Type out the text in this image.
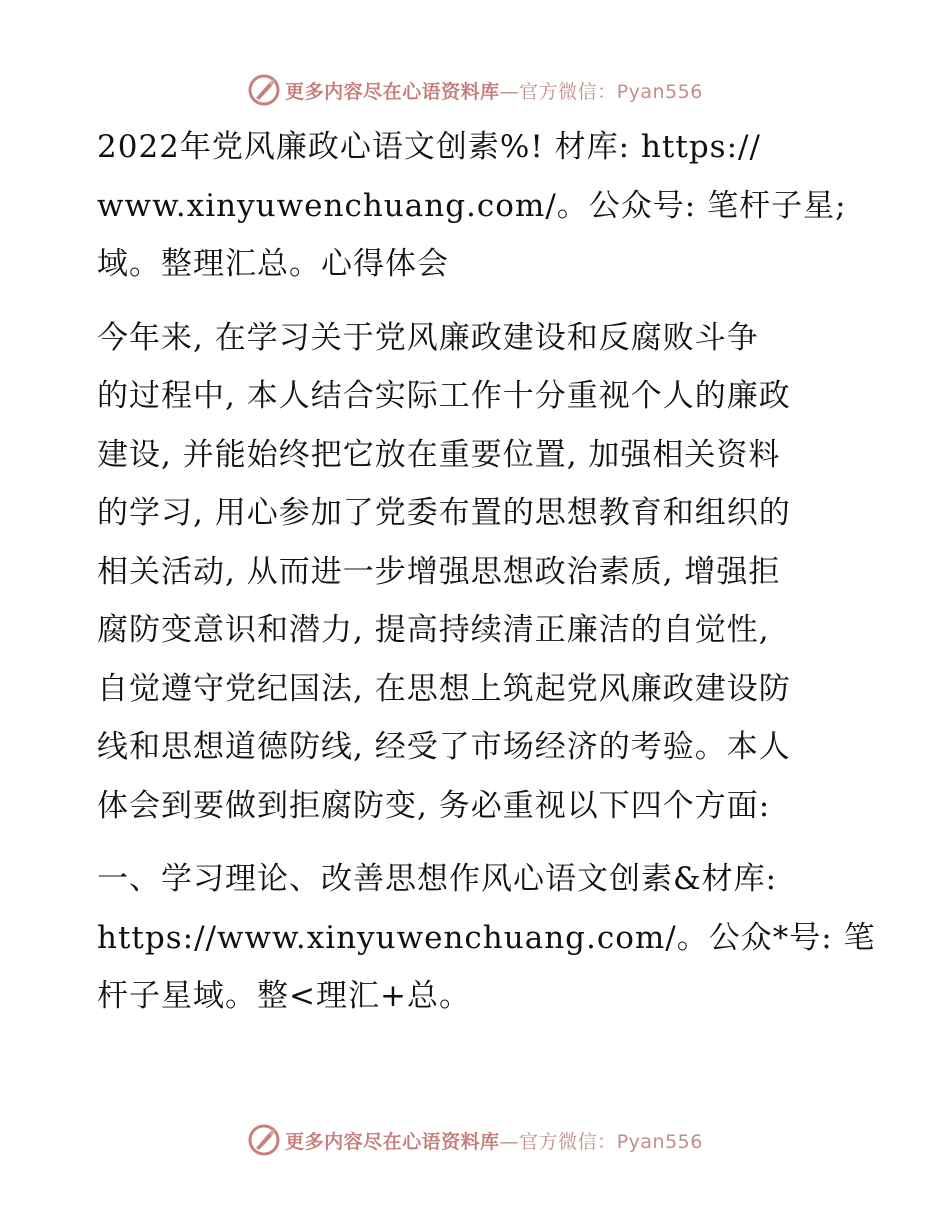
更多内容尽在心语资料库—官方微信：Pyan556

2022年党风廉政心语文创素%! 材库: https://
www.xinyuwenchuang.com/。公众号: 笔杆子星;
域。整理汇总。心得体会

今年来, 在学习关于党风廉政建设和反腐败斗争
的过程中, 本人结合实际工作十分重视个人的廉政
建设, 并能始终把它放在重要位置, 加强相关资料
的学习, 用心参加了党委布置的思想教育和组织的
相关活动, 从而进一步增强思想政治素质, 增强拒
腐防变意识和潜力, 提高持续清正廉洁的自觉性,
自觉遵守党纪国法, 在思想上筑起党风廉政建设防
线和思想道德防线, 经受了市场经济的考验。本人
体会到要做到拒腐防变, 务必重视以下四个方面:

一、学习理论、改善思想作风心语文创素&材库:
https://www.xinyuwenchuang.com/。公众*号: 笔
杆子星域。整<理汇+总。

更多内容尽在心语资料库—官方微信：Pyan556
